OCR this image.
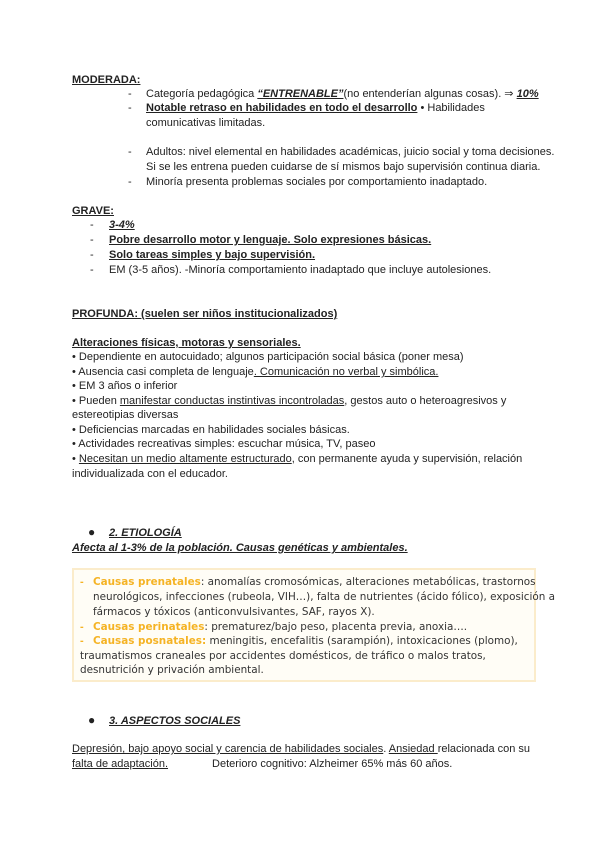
MODERADA:
- Categoría pedagógica “ENTRENABLE”(no entenderían algunas cosas). ⇒ 10%
- Notable retraso en habilidades en todo el desarrollo • Habilidades
comunicativas limitadas.
- Adultos: nivel elemental en habilidades académicas, juicio social y toma decisiones.
Si se les entrena pueden cuidarse de sí mismos bajo supervisión continua diaria.
- Minoría presenta problemas sociales por comportamiento inadaptado.
GRAVE:
- 3-4%
- Pobre desarrollo motor y lenguaje. Solo expresiones básicas.
- Solo tareas simples y bajo supervisión.
- EM (3-5 años). -Minoría comportamiento inadaptado que incluye autolesiones.
PROFUNDA: (suelen ser niños institucionalizados)
Alteraciones físicas, motoras y sensoriales.
• Dependiente en autocuidado; algunos participación social básica (poner mesa)
• Ausencia casi completa de lenguaje. Comunicación no verbal y simbólica.
• EM 3 años o inferior
• Pueden manifestar conductas instintivas incontroladas, gestos auto o heteroagresivos y
estereotipias diversas
• Deficiencias marcadas en habilidades sociales básicas.
• Actividades recreativas simples: escuchar música, TV, paseo
• Necesitan un medio altamente estructurado, con permanente ayuda y supervisión, relación
individualizada con el educador.
● 2. ETIOLOGÍA
Afecta al 1-3% de la población. Causas genéticas y ambientales.
- Causas prenatales: anomalías cromosómicas, alteraciones metabólicas, trastornos
neurológicos, infecciones (rubeola, VIH…), falta de nutrientes (ácido fólico), exposición a
fármacos y tóxicos (anticonvulsivantes, SAF, rayos X).
- Causas perinatales: prematurez/bajo peso, placenta previa, anoxia….
- Causas posnatales: meningitis, encefalitis (sarampión), intoxicaciones (plomo),
traumatismos craneales por accidentes domésticos, de tráfico o malos tratos,
desnutrición y privación ambiental.
● 3. ASPECTOS SOCIALES
Depresión, bajo apoyo social y carencia de habilidades sociales. Ansiedad relacionada con su
falta de adaptación.	Deterioro cognitivo: Alzheimer 65% más 60 años.
